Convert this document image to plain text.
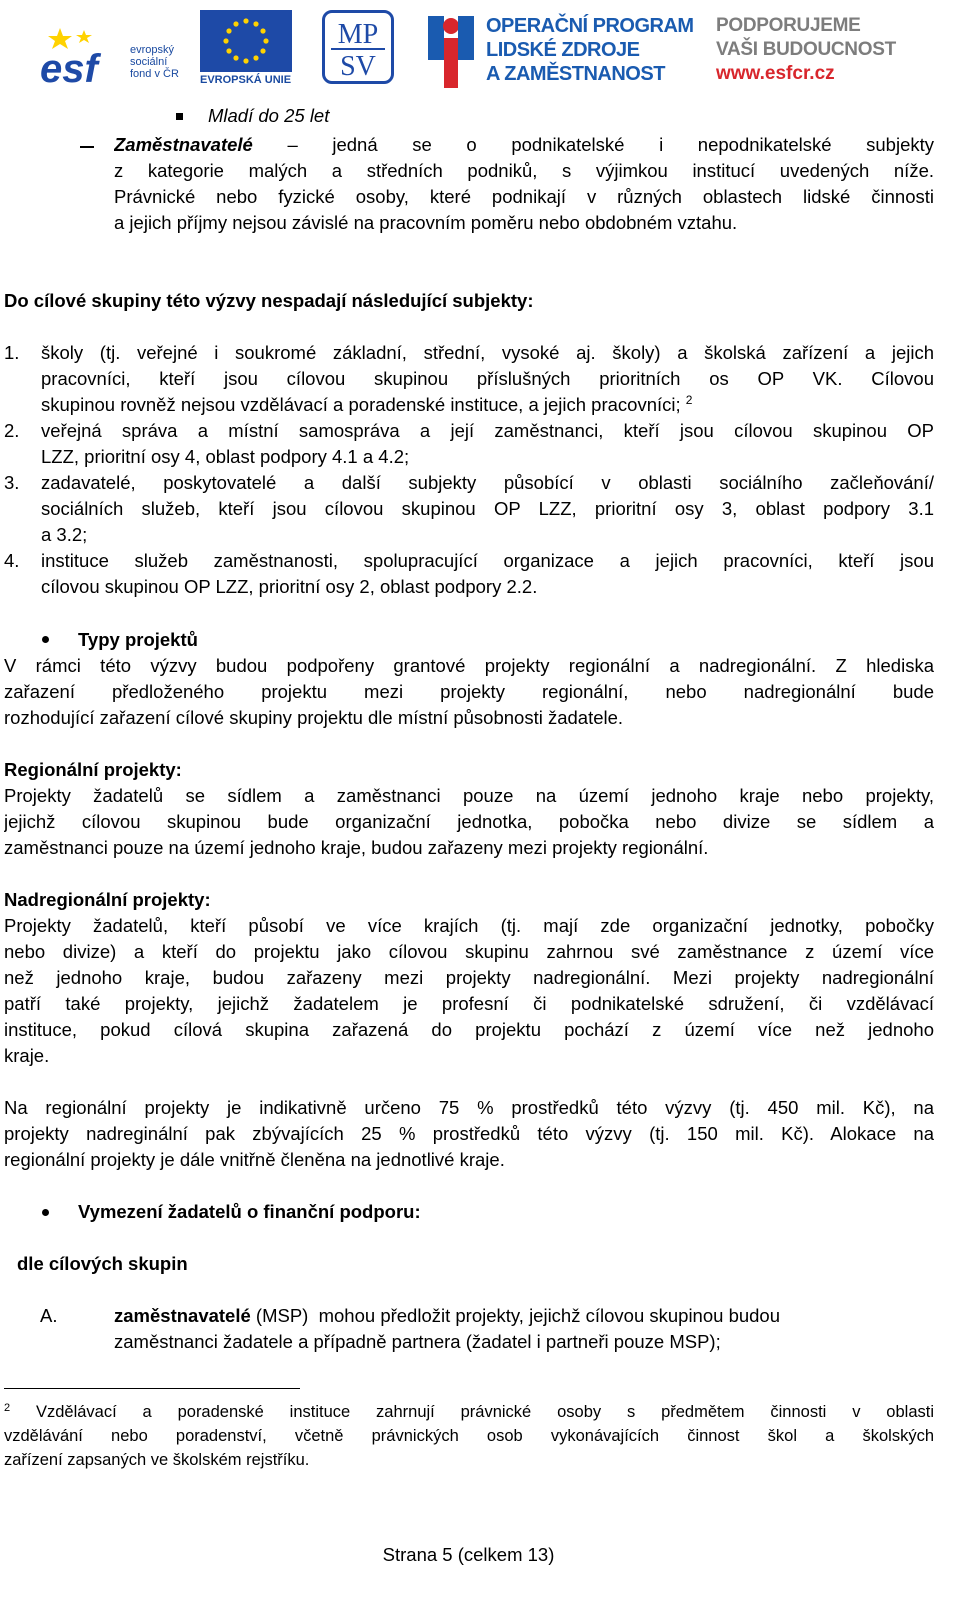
esf	evropský
sociální
fond v ČR EVROPSKÁ UNIE
MP
SV
OPERAČNÍ PROGRAM
LIDSKÉ ZDROJE
A ZAMĚSTNANOST
PODPORUJEME
VAŠI BUDOUCNOST
www.esfcr.cz
Mladí do 25 let
Zaměstnavatelé – jedná se o podnikatelské i nepodnikatelské subjekty
z kategorie malých a středních podniků, s výjimkou institucí uvedených níže.
Právnické nebo fyzické osoby, které podnikají v různých oblastech lidské činnosti
a jejich příjmy nejsou závislé na pracovním poměru nebo obdobném vztahu.
Do cílové skupiny této výzvy nespadají následující subjekty:
1. školy (tj. veřejné i soukromé základní, střední, vysoké aj. školy) a školská zařízení a jejich
pracovníci, kteří jsou cílovou skupinou příslušných prioritních os OP VK. Cílovou
skupinou rovněž nejsou vzdělávací a poradenské instituce, a jejich pracovníci; $^2$
2. veřejná správa a místní samospráva a její zaměstnanci, kteří jsou cílovou skupinou OP
LZZ, prioritní osy 4, oblast podpory 4.1 a 4.2;
3. zadavatelé, poskytovatelé a další subjekty působící v oblasti sociálního začleňování/
sociálních služeb, kteří jsou cílovou skupinou OP LZZ, prioritní osy 3, oblast podpory 3.1
a 3.2;
4. instituce služeb zaměstnanosti, spolupracující organizace a jejich pracovníci, kteří jsou
cílovou skupinou OP LZZ, prioritní osy 2, oblast podpory 2.2.
Typy projektů
V rámci této výzvy budou podpořeny grantové projekty regionální a nadregionální. Z hlediska
zařazení předloženého projektu mezi projekty regionální, nebo nadregionální bude
rozhodující zařazení cílové skupiny projektu dle místní působnosti žadatele.
Regionální projekty:
Projekty žadatelů se sídlem a zaměstnanci pouze na území jednoho kraje nebo projekty,
jejichž cílovou skupinou bude organizační jednotka, pobočka nebo divize se sídlem a
zaměstnanci pouze na území jednoho kraje, budou zařazeny mezi projekty regionální.
Nadregionální projekty:
Projekty žadatelů, kteří působí ve více krajích (tj. mají zde organizační jednotky, pobočky
nebo divize) a kteří do projektu jako cílovou skupinu zahrnou své zaměstnance z území více
než jednoho kraje, budou zařazeny mezi projekty nadregionální. Mezi projekty nadregionální
patří také projekty, jejichž žadatelem je profesní či podnikatelské sdružení, či vzdělávací
instituce, pokud cílová skupina zařazená do projektu pochází z území více než jednoho
kraje.
Na regionální projekty je indikativně určeno 75 % prostředků této výzvy (tj. 450 mil. Kč), na
projekty nadreginální pak zbývajících 25 % prostředků této výzvy (tj. 150 mil. Kč). Alokace na
regionální projekty je dále vnitřně členěna na jednotlivé kraje.
Vymezení žadatelů o finanční podporu:
dle cílových skupin
A.	zaměstnavatelé (MSP)  mohou předložit projekty, jejichž cílovou skupinou budou
zaměstnanci žadatele a případně partnera (žadatel i partneři pouze MSP);
$^2$ Vzdělávací a poradenské instituce zahrnují právnické osoby s předmětem činnosti v oblasti
vzdělávání nebo poradenství, včetně právnických osob vykonávajících činnost škol a školských
zařízení zapsaných ve školském rejstříku.
Strana 5 (celkem 13)
